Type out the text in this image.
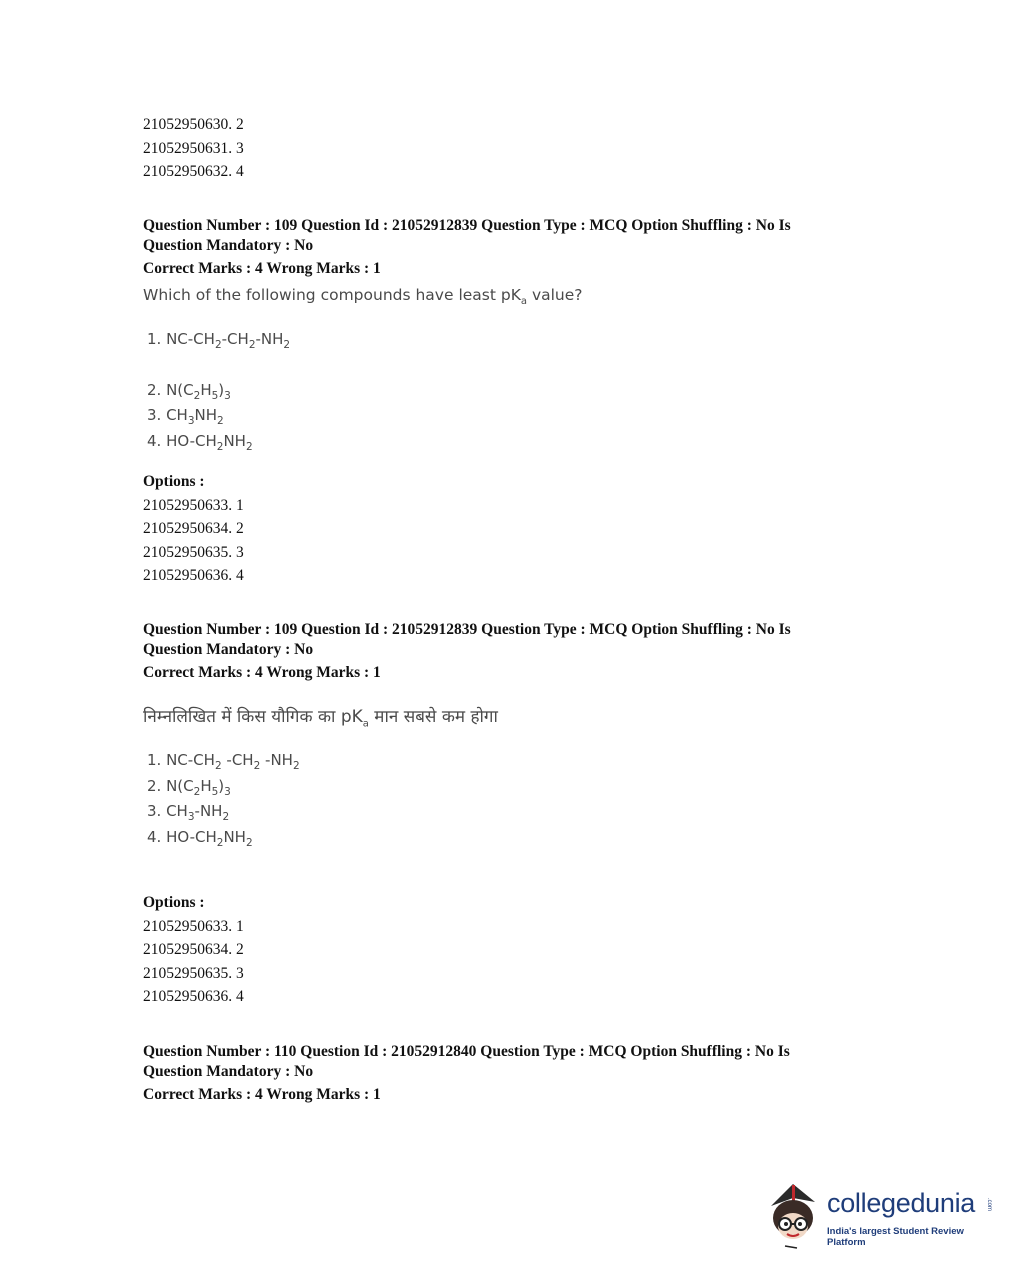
21052950630. 2
21052950631. 3
21052950632. 4
Question Number : 109 Question Id : 21052912839 Question Type : MCQ Option Shuffling : No Is
Question Mandatory : No
Correct Marks : 4 Wrong Marks : 1
Which of the following compounds have least $pK_a$ value?
1. $NC-CH_2-CH_2-NH_2$
2. $N(C_2H_5)_3$
3. $CH_3NH_2$
4. $HO-CH_2NH_2$
Options :
21052950633. 1
21052950634. 2
21052950635. 3
21052950636. 4
Question Number : 109 Question Id : 21052912839 Question Type : MCQ Option Shuffling : No Is
Question Mandatory : No
Correct Marks : 4 Wrong Marks : 1
निम्नलिखित में किस यौगिक का $pK_a$ मान सबसे कम होगा
1. $NC-CH_2$ $-CH_2$ $-NH_2$
2. $N(C_2H_5)_3$
3. $CH_3-NH_2$
4. $HO-CH_2NH_2$
Options :
21052950633. 1
21052950634. 2
21052950635. 3
21052950636. 4
Question Number : 110 Question Id : 21052912840 Question Type : MCQ Option Shuffling : No Is
Question Mandatory : No
Correct Marks : 4 Wrong Marks : 1
collegedunia .com
India's largest Student Review Platform
